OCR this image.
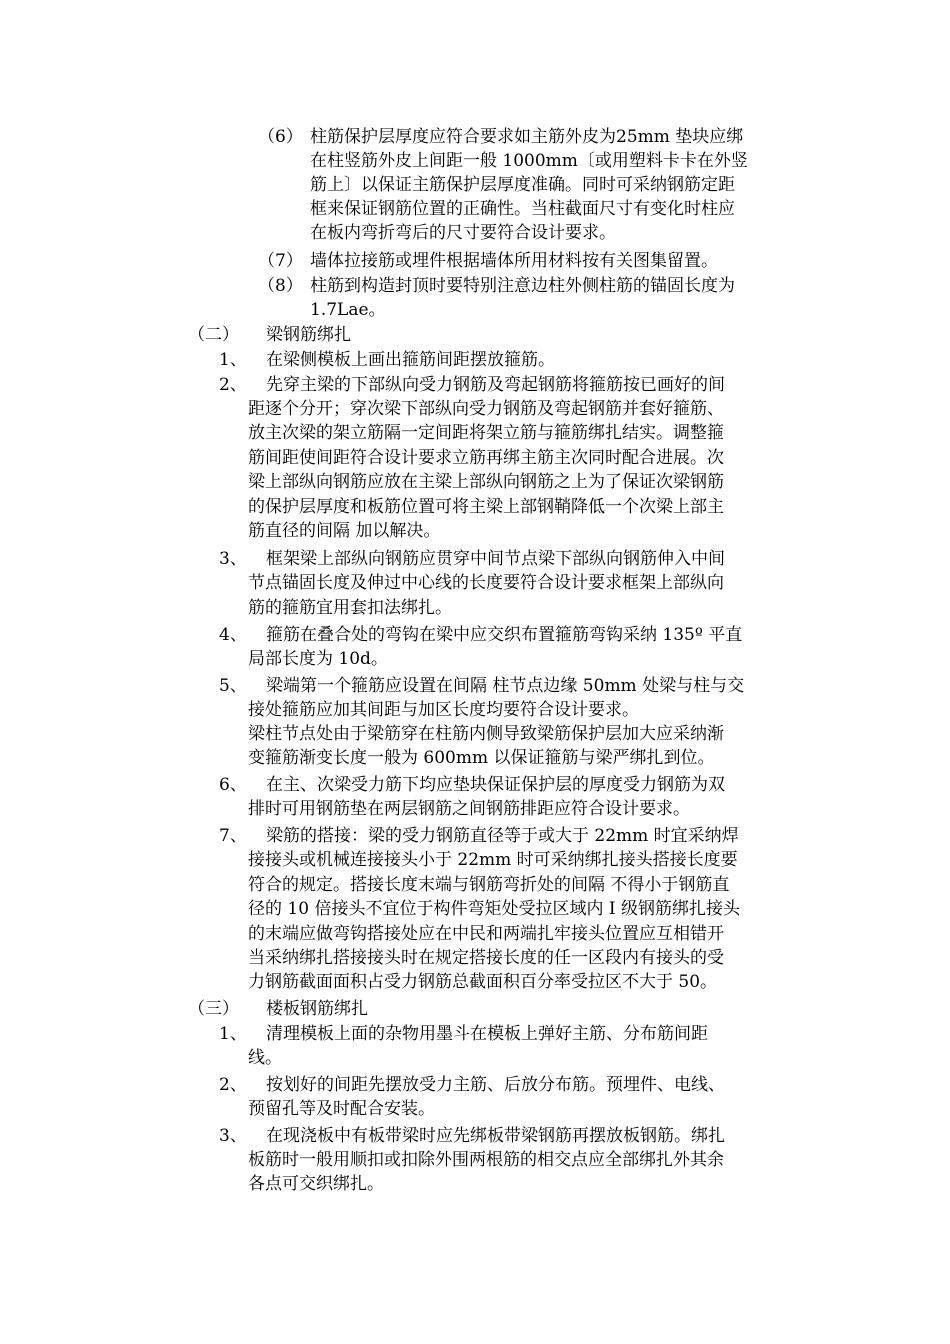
（6） 柱筋保护层厚度应符合要求如主筋外皮为25mm 垫块应绑
在柱竖筋外皮上间距一般 1000mm〔或用塑料卡卡在外竖
筋上〕以保证主筋保护层厚度准确。同时可采纳钢筋定距
框来保证钢筋位置的正确性。当柱截面尺寸有变化时柱应
在板内弯折弯后的尺寸要符合设计要求。
（7） 墙体拉接筋或埋件根据墙体所用材料按有关图集留置。
（8） 柱筋到构造封顶时要特别注意边柱外侧柱筋的锚固长度为
1.7Lae。
（二） 梁钢筋绑扎
1、 在梁侧模板上画出箍筋间距摆放箍筋。
2、 先穿主梁的下部纵向受力钢筋及弯起钢筋将箍筋按已画好的间
距逐个分开；穿次梁下部纵向受力钢筋及弯起钢筋并套好箍筋、
放主次梁的架立筋隔一定间距将架立筋与箍筋绑扎结实。调整箍
筋间距使间距符合设计要求立筋再绑主筋主次同时配合进展。次
梁上部纵向钢筋应放在主梁上部纵向钢筋之上为了保证次梁钢筋
的保护层厚度和板筋位置可将主梁上部钢鞘降低一个次梁上部主
筋直径的间隔 加以解决。
3、 框架梁上部纵向钢筋应贯穿中间节点梁下部纵向钢筋伸入中间
节点锚固长度及伸过中心线的长度要符合设计要求框架上部纵向
筋的箍筋宜用套扣法绑扎。
4、 箍筋在叠合处的弯钩在梁中应交织布置箍筋弯钩采纳 135º 平直
局部长度为 10d。
5、 梁端第一个箍筋应设置在间隔 柱节点边缘 50mm 处梁与柱与交
接处箍筋应加其间距与加区长度均要符合设计要求。
梁柱节点处由于梁筋穿在柱筋内侧导致梁筋保护层加大应采纳渐
变箍筋渐变长度一般为 600mm 以保证箍筋与梁严绑扎到位。
6、 在主、次梁受力筋下均应垫块保证保护层的厚度受力钢筋为双
排时可用钢筋垫在两层钢筋之间钢筋排距应符合设计要求。
7、 梁筋的搭接：梁的受力钢筋直径等于或大于 22mm 时宜采纳焊
接接头或机械连接接头小于 22mm 时可采纳绑扎接头搭接长度要
符合的规定。搭接长度末端与钢筋弯折处的间隔 不得小于钢筋直
径的 10 倍接头不宜位于构件弯矩处受拉区域内 I 级钢筋绑扎接头
的末端应做弯钩搭接处应在中民和两端扎牢接头位置应互相错开
当采纳绑扎搭接接头时在规定搭接长度的任一区段内有接头的受
力钢筋截面面积占受力钢筋总截面积百分率受拉区不大于 50。
（三） 楼板钢筋绑扎
1、 清理模板上面的杂物用墨斗在模板上弹好主筋、分布筋间距
线。
2、 按划好的间距先摆放受力主筋、后放分布筋。预埋件、电线、
预留孔等及时配合安装。
3、 在现浇板中有板带梁时应先绑板带梁钢筋再摆放板钢筋。绑扎
板筋时一般用顺扣或扣除外围两根筋的相交点应全部绑扎外其余
各点可交织绑扎。
